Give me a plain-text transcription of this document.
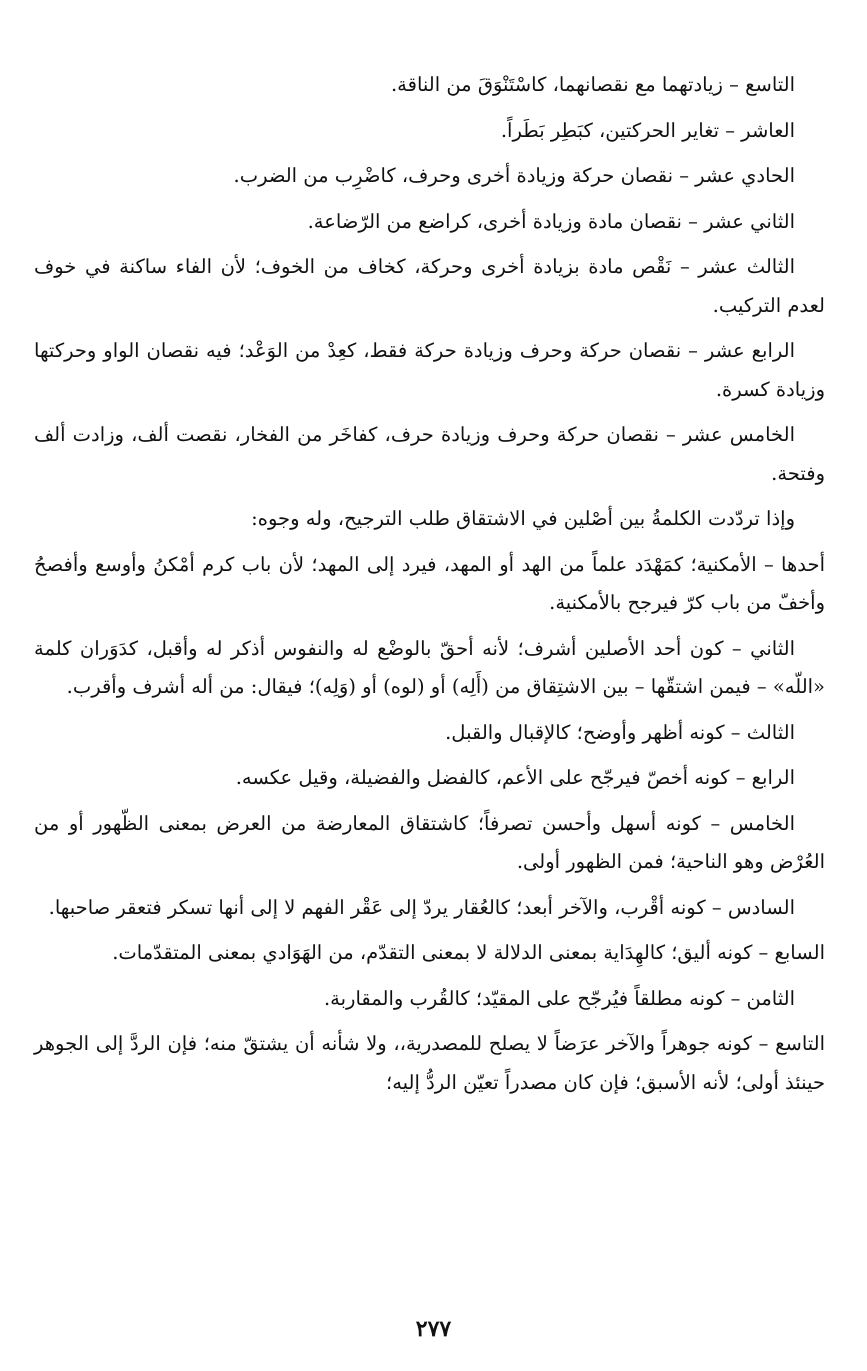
التاسع – زيادتهما مع نقصانهما، كاسْتَنْوَقَ من الناقة.

العاشر – تغاير الحركتين، كبَطِر بَطَراً.

الحادي عشر – نقصان حركة وزيادة أخرى وحرف، كاضْرِب من الضرب.

الثاني عشر – نقصان مادة وزيادة أخرى، كراضع من الرّضاعة.

الثالث عشر – نَقْص مادة بزيادة أخرى وحركة، كخاف من الخوف؛ لأن الفاء ساكنة في خوف لعدم التركيب.

الرابع عشر – نقصان حركة وحرف وزيادة حركة فقط، كعِدْ من الوَعْد؛ فيه نقصان الواو وحركتها وزيادة كسرة.

الخامس عشر – نقصان حركة وحرف وزيادة حرف، كفاخَر من الفخار، نقصت ألف، وزادت ألف وفتحة.

وإذا تردّدت الكلمةُ بين أصْلين في الاشتقاق طلب الترجيح، وله وجوه:

أحدها – الأمكنية؛ كمَهْدَد علماً من الهد أو المهد، فيرد إلى المهد؛ لأن باب كرم أمْكنُ وأوسع وأفصحُ وأخفّ من باب كرّ فيرجح بالأمكنية.

الثاني – كون أحد الأصلين أشرف؛ لأنه أحقّ بالوضْع له والنفوس أذكر له وأقبل، كدَوَران كلمة «اللّه» – فيمن اشتقّها – بين الاشتِقاق من (أَلِه) أو (لوه) أو (وَلِه)؛ فيقال: من أله أشرف وأقرب.

الثالث – كونه أظهر وأوضح؛ كالإقبال والقبل.

الرابع – كونه أخصّ فيرجّح على الأعم، كالفضل والفضيلة، وقيل عكسه.

الخامس – كونه أسهل وأحسن تصرفاً؛ كاشتقاق المعارضة من العرض بمعنى الظّهور أو من العُرْض وهو الناحية؛ فمن الظهور أولى.

السادس – كونه أقْرب، والآخر أبعد؛ كالعُقار يردّ إلى عَقْر الفهم لا إلى أنها تسكر فتعقر صاحبها.

السابع – كونه أليق؛ كالهِدَاية بمعنى الدلالة لا بمعنى التقدّم، من الهَوَادي بمعنى المتقدّمات.

الثامن – كونه مطلقاً فيُرجّح على المقيّد؛ كالقُرب والمقاربة.

التاسع – كونه جوهراً والآخر عرَضاً لا يصلح للمصدرية،، ولا شأنه أن يشتقّ منه؛ فإن الردَّ إلى الجوهر حينئذ أولى؛ لأنه الأسبق؛ فإن كان مصدراً تعيّن الردُّ إليه؛

٢٧٧
